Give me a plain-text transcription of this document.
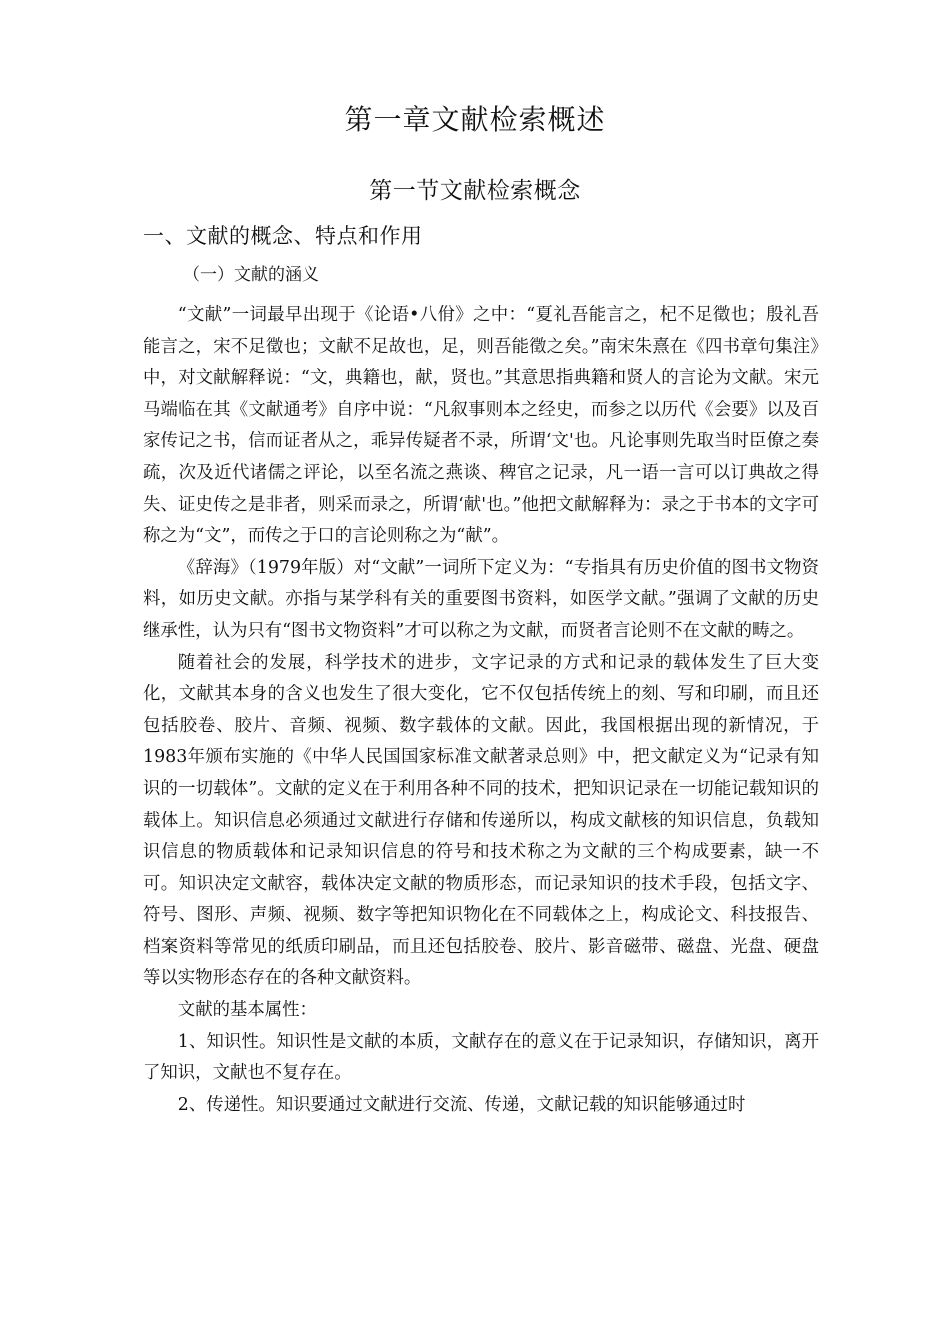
第一章文献检索概述
第一节文献检索概念
一、文献的概念、特点和作用
（一）文献的涵义

“文献”一词最早出现于《论语•八佾》之中：“夏礼吾能言之，杞不足徵也；殷礼吾能言之，宋不足徵也；文献不足故也，足，则吾能徵之矣。”南宋朱熹在《四书章句集注》中，对文献解释说：“文，典籍也，献，贤也。”其意思指典籍和贤人的言论为文献。宋元马端临在其《文献通考》自序中说：“凡叙事则本之经史，而参之以历代《会要》以及百家传记之书，信而证者从之，乖异传疑者不录，所谓‘文'也。凡论事则先取当时臣僚之奏疏，次及近代诸儒之评论，以至名流之燕谈、稗官之记录，凡一语一言可以订典故之得失、证史传之是非者，则采而录之，所谓‘献'也。”他把文献解释为：录之于书本的文字可称之为“文”，而传之于口的言论则称之为“献”。

《辞海》（1979年版）对“文献”一词所下定义为：“专指具有历史价值的图书文物资料，如历史文献。亦指与某学科有关的重要图书资料，如医学文献。”强调了文献的历史继承性，认为只有“图书文物资料”才可以称之为文献，而贤者言论则不在文献的畴之。

随着社会的发展，科学技术的进步，文字记录的方式和记录的载体发生了巨大变化，文献其本身的含义也发生了很大变化，它不仅包括传统上的刻、写和印刷，而且还包括胶卷、胶片、音频、视频、数字载体的文献。因此，我国根据出现的新情况，于1983年颁布实施的《中华人民国国家标准文献著录总则》中，把文献定义为“记录有知识的一切载体”。文献的定义在于利用各种不同的技术，把知识记录在一切能记载知识的载体上。知识信息必须通过文献进行存储和传递所以，构成文献核的知识信息，负载知识信息的物质载体和记录知识信息的符号和技术称之为文献的三个构成要素，缺一不可。知识决定文献容，载体决定文献的物质形态，而记录知识的技术手段，包括文字、符号、图形、声频、视频、数字等把知识物化在不同载体之上，构成论文、科技报告、档案资料等常见的纸质印刷品，而且还包括胶卷、胶片、影音磁带、磁盘、光盘、硬盘等以实物形态存在的各种文献资料。

文献的基本属性：

1、知识性。知识性是文献的本质，文献存在的意义在于记录知识，存储知识，离开了知识，文献也不复存在。

2、传递性。知识要通过文献进行交流、传递，文献记载的知识能够通过时
